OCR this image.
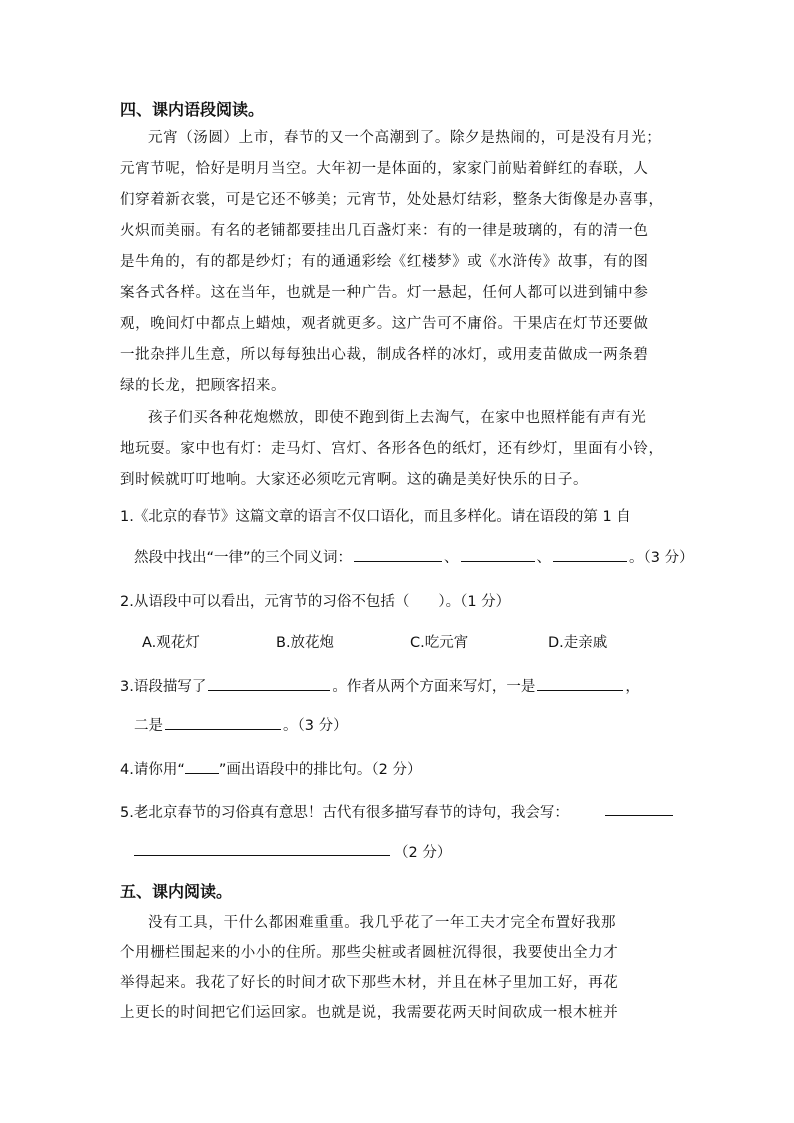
四、课内语段阅读。
元宵（汤圆）上市，春节的又一个高潮到了。除夕是热闹的，可是没有月光；
元宵节呢，恰好是明月当空。大年初一是体面的，家家门前贴着鲜红的春联，人
们穿着新衣裳，可是它还不够美；元宵节，处处悬灯结彩，整条大街像是办喜事，
火炽而美丽。有名的老铺都要挂出几百盏灯来：有的一律是玻璃的，有的清一色
是牛角的，有的都是纱灯；有的通通彩绘《红楼梦》或《水浒传》故事，有的图
案各式各样。这在当年，也就是一种广告。灯一悬起，任何人都可以进到铺中参
观，晚间灯中都点上蜡烛，观者就更多。这广告可不庸俗。干果店在灯节还要做
一批杂拌儿生意，所以每每独出心裁，制成各样的冰灯，或用麦苗做成一两条碧
绿的长龙，把顾客招来。
孩子们买各种花炮燃放，即使不跑到街上去淘气，在家中也照样能有声有光
地玩耍。家中也有灯：走马灯、宫灯、各形各色的纸灯，还有纱灯，里面有小铃，
到时候就叮叮地响。大家还必须吃元宵啊。这的确是美好快乐的日子。
1.《北京的春节》这篇文章的语言不仅口语化，而且多样化。请在语段的第 1 自
然段中找出“一律”的三个同义词：	、	、	。（3 分）
2.从语段中可以看出，元宵节的习俗不包括（　　）。（1 分）
A.观花灯	B.放花炮	C.吃元宵	D.走亲戚
3.语段描写了	。作者从两个方面来写灯，一是	，
二是	。（3 分）
4.请你用“ ”画出语段中的排比句。（2 分）
5.老北京春节的习俗真有意思！古代有很多描写春节的诗句，我会写：
（2 分）
五、课内阅读。
没有工具，干什么都困难重重。我几乎花了一年工夫才完全布置好我那
个用栅栏围起来的小小的住所。那些尖桩或者圆桩沉得很，我要使出全力才
举得起来。我花了好长的时间才砍下那些木材，并且在林子里加工好，再花
上更长的时间把它们运回家。也就是说，我需要花两天时间砍成一根木桩并
